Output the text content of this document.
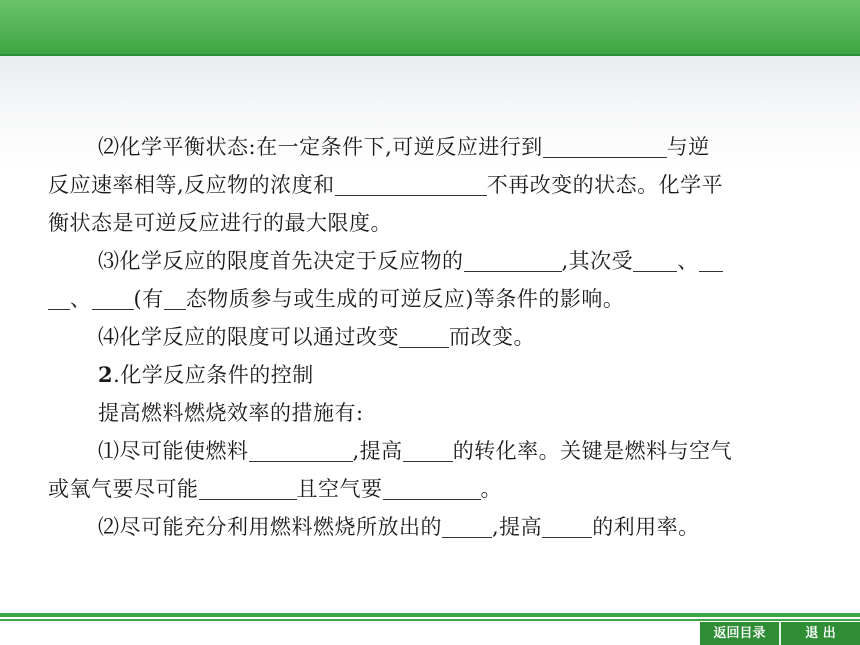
⑵化学平衡状态:在一定条件下,可逆反应进行到	与逆
反应速率相等,反应物的浓度和	不再改变的状态。化学平
衡状态是可逆反应进行的最大限度。
⑶化学反应的限度首先决定于反应物的	,其次受 、
、 (有 态物质参与或生成的可逆反应)等条件的影响。
⑷化学反应的限度可以通过改变 而改变。
2.化学反应条件的控制
提高燃料燃烧效率的措施有:
⑴尽可能使燃料	,提高 的转化率。关键是燃料与空气
或氧气要尽可能	且空气要	。
⑵尽可能充分利用燃料燃烧所放出的 ,提高 的利用率。
返回目录	退 出
